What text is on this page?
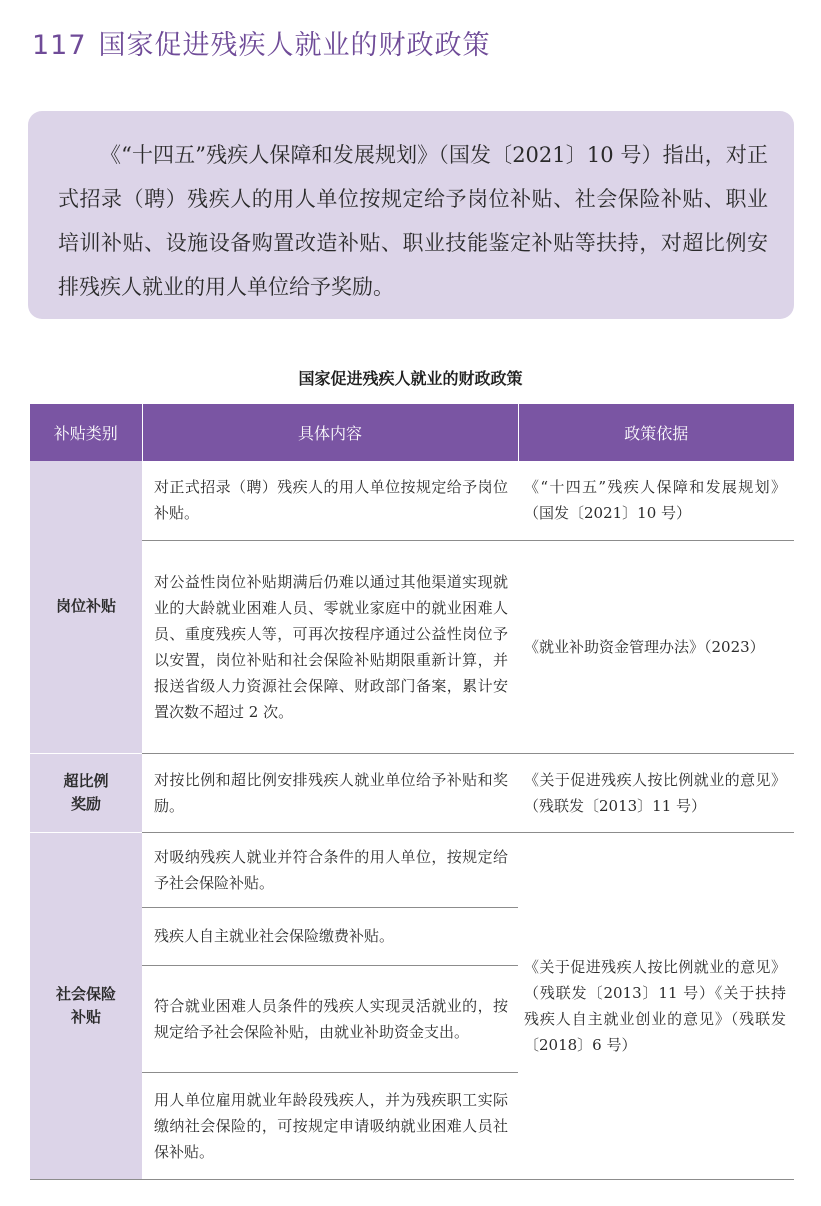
117 国家促进残疾人就业的财政政策

《“十四五”残疾人保障和发展规划》（国发〔2021〕10 号）指出，对正式招录（聘）残疾人的用人单位按规定给予岗位补贴、社会保险补贴、职业培训补贴、设施设备购置改造补贴、职业技能鉴定补贴等扶持，对超比例安排残疾人就业的用人单位给予奖励。

国家促进残疾人就业的财政政策
补贴类别	具体内容	政策依据
岗位补贴	对正式招录（聘）残疾人的用人单位按规定给予岗位补贴。	《“十四五”残疾人保障和发展规划》（国发〔2021〕10 号）
	对公益性岗位补贴期满后仍难以通过其他渠道实现就业的大龄就业困难人员、零就业家庭中的就业困难人员、重度残疾人等，可再次按程序通过公益性岗位予以安置，岗位补贴和社会保险补贴期限重新计算，并报送省级人力资源社会保障、财政部门备案，累计安置次数不超过 2 次。	《就业补助资金管理办法》（2023）
超比例奖励	对按比例和超比例安排残疾人就业单位给予补贴和奖励。	《关于促进残疾人按比例就业的意见》（残联发〔2013〕11 号）
社会保险补贴	对吸纳残疾人就业并符合条件的用人单位，按规定给予社会保险补贴。	《关于促进残疾人按比例就业的意见》（残联发〔2013〕11 号）《关于扶持残疾人自主就业创业的意见》（残联发〔2018〕6 号）
	残疾人自主就业社会保险缴费补贴。	
	符合就业困难人员条件的残疾人实现灵活就业的，按规定给予社会保险补贴，由就业补助资金支出。	
	用人单位雇用就业年龄段残疾人，并为残疾职工实际缴纳社会保险的，可按规定申请吸纳就业困难人员社保补贴。	
